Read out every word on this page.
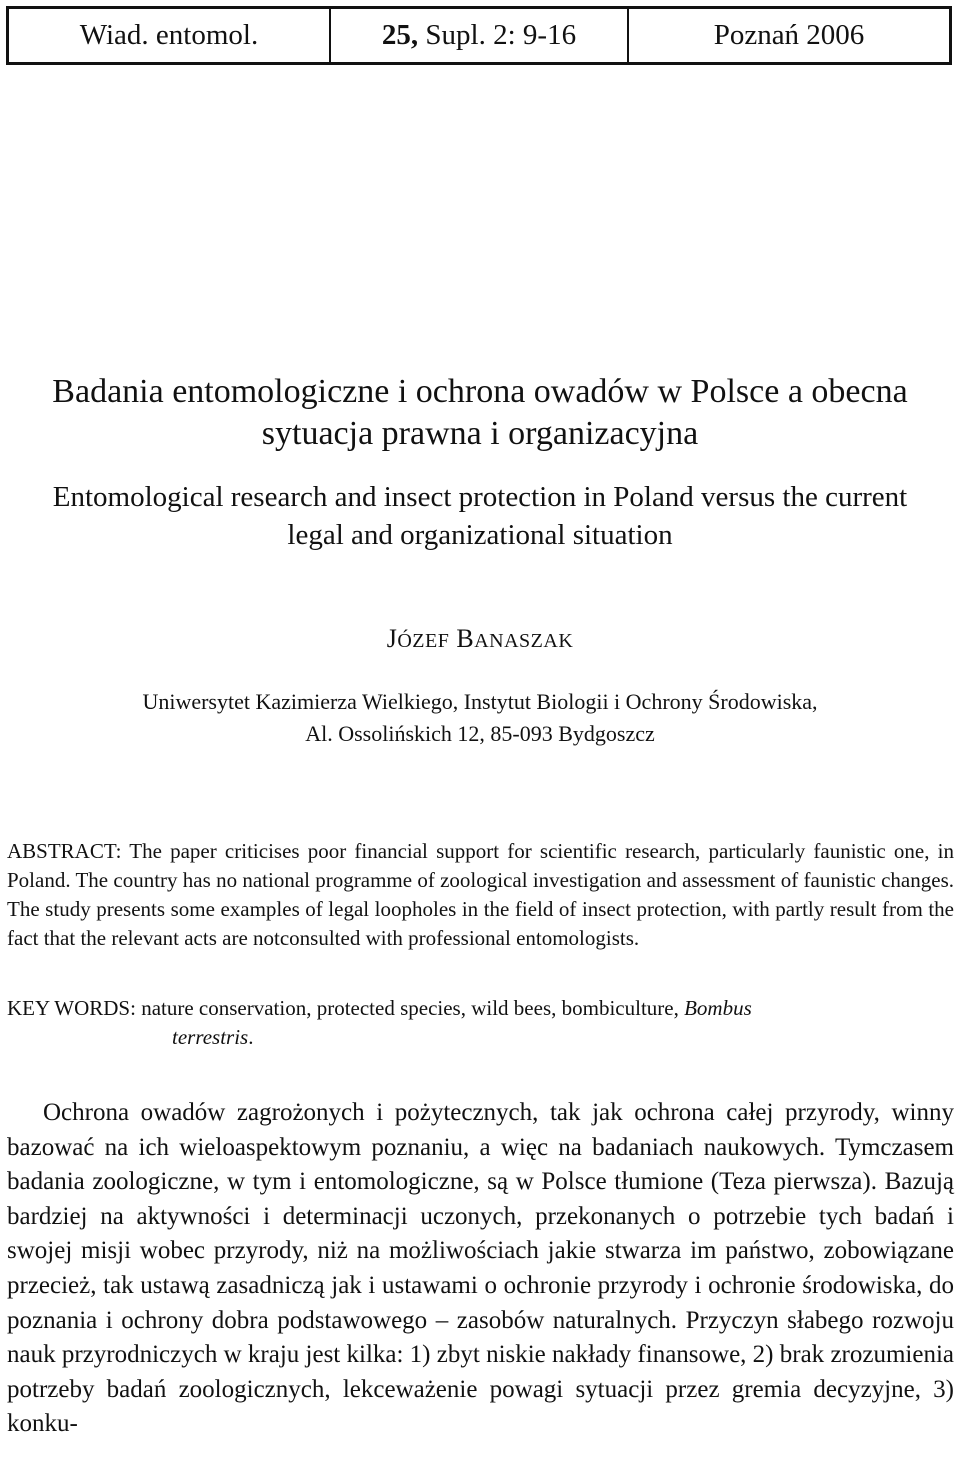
Wiad. entomol.	25,
Supl. 2: 9-16	Poznań 2006
Badania entomologiczne i ochrona owadów w Polsce a obecna
sytuacja prawna i organizacyjna
Entomological research and insect protection in Poland versus the current
legal and organizational situation
JÓZEF BANASZAK
Uniwersytet Kazimierza Wielkiego, Instytut Biologii i Ochrony Środowiska,
Al. Ossolińskich 12, 85-093 Bydgoszcz
ABSTRACT: The paper criticises poor financial support for scientific research, particularly faunistic one, in Poland. The country has no national programme of zoological investigation and assessment of faunistic changes. The study presents some examples of legal loopholes in the field of insect protection, with partly result from the fact that the relevant acts are notconsulted with professional entomologists.
KEY WORDS: nature conservation, protected species, wild bees, bombiculture, Bombus
terrestris.
Ochrona owadów zagrożonych i pożytecznych, tak jak ochrona całej przyrody, winny bazować na ich wieloaspektowym poznaniu, a więc na badaniach naukowych. Tymczasem badania zoologiczne, w tym i entomologiczne, są w Polsce tłumione (Teza pierwsza). Bazują bardziej na aktywności i determinacji uczonych, przekonanych o potrzebie tych badań i swojej misji wobec przyrody, niż na możliwościach jakie stwarza im państwo, zobowiązane przecież, tak ustawą zasadniczą jak i ustawami o ochronie przyrody i ochronie środowiska, do poznania i ochrony dobra podstawowego – zasobów naturalnych. Przyczyn słabego rozwoju nauk przyrodniczych w kraju jest kilka: 1) zbyt niskie nakłady finansowe, 2) brak zrozumienia potrzeby badań zoologicznych, lekceważenie powagi sytuacji przez gremia decyzyjne, 3) konku-
